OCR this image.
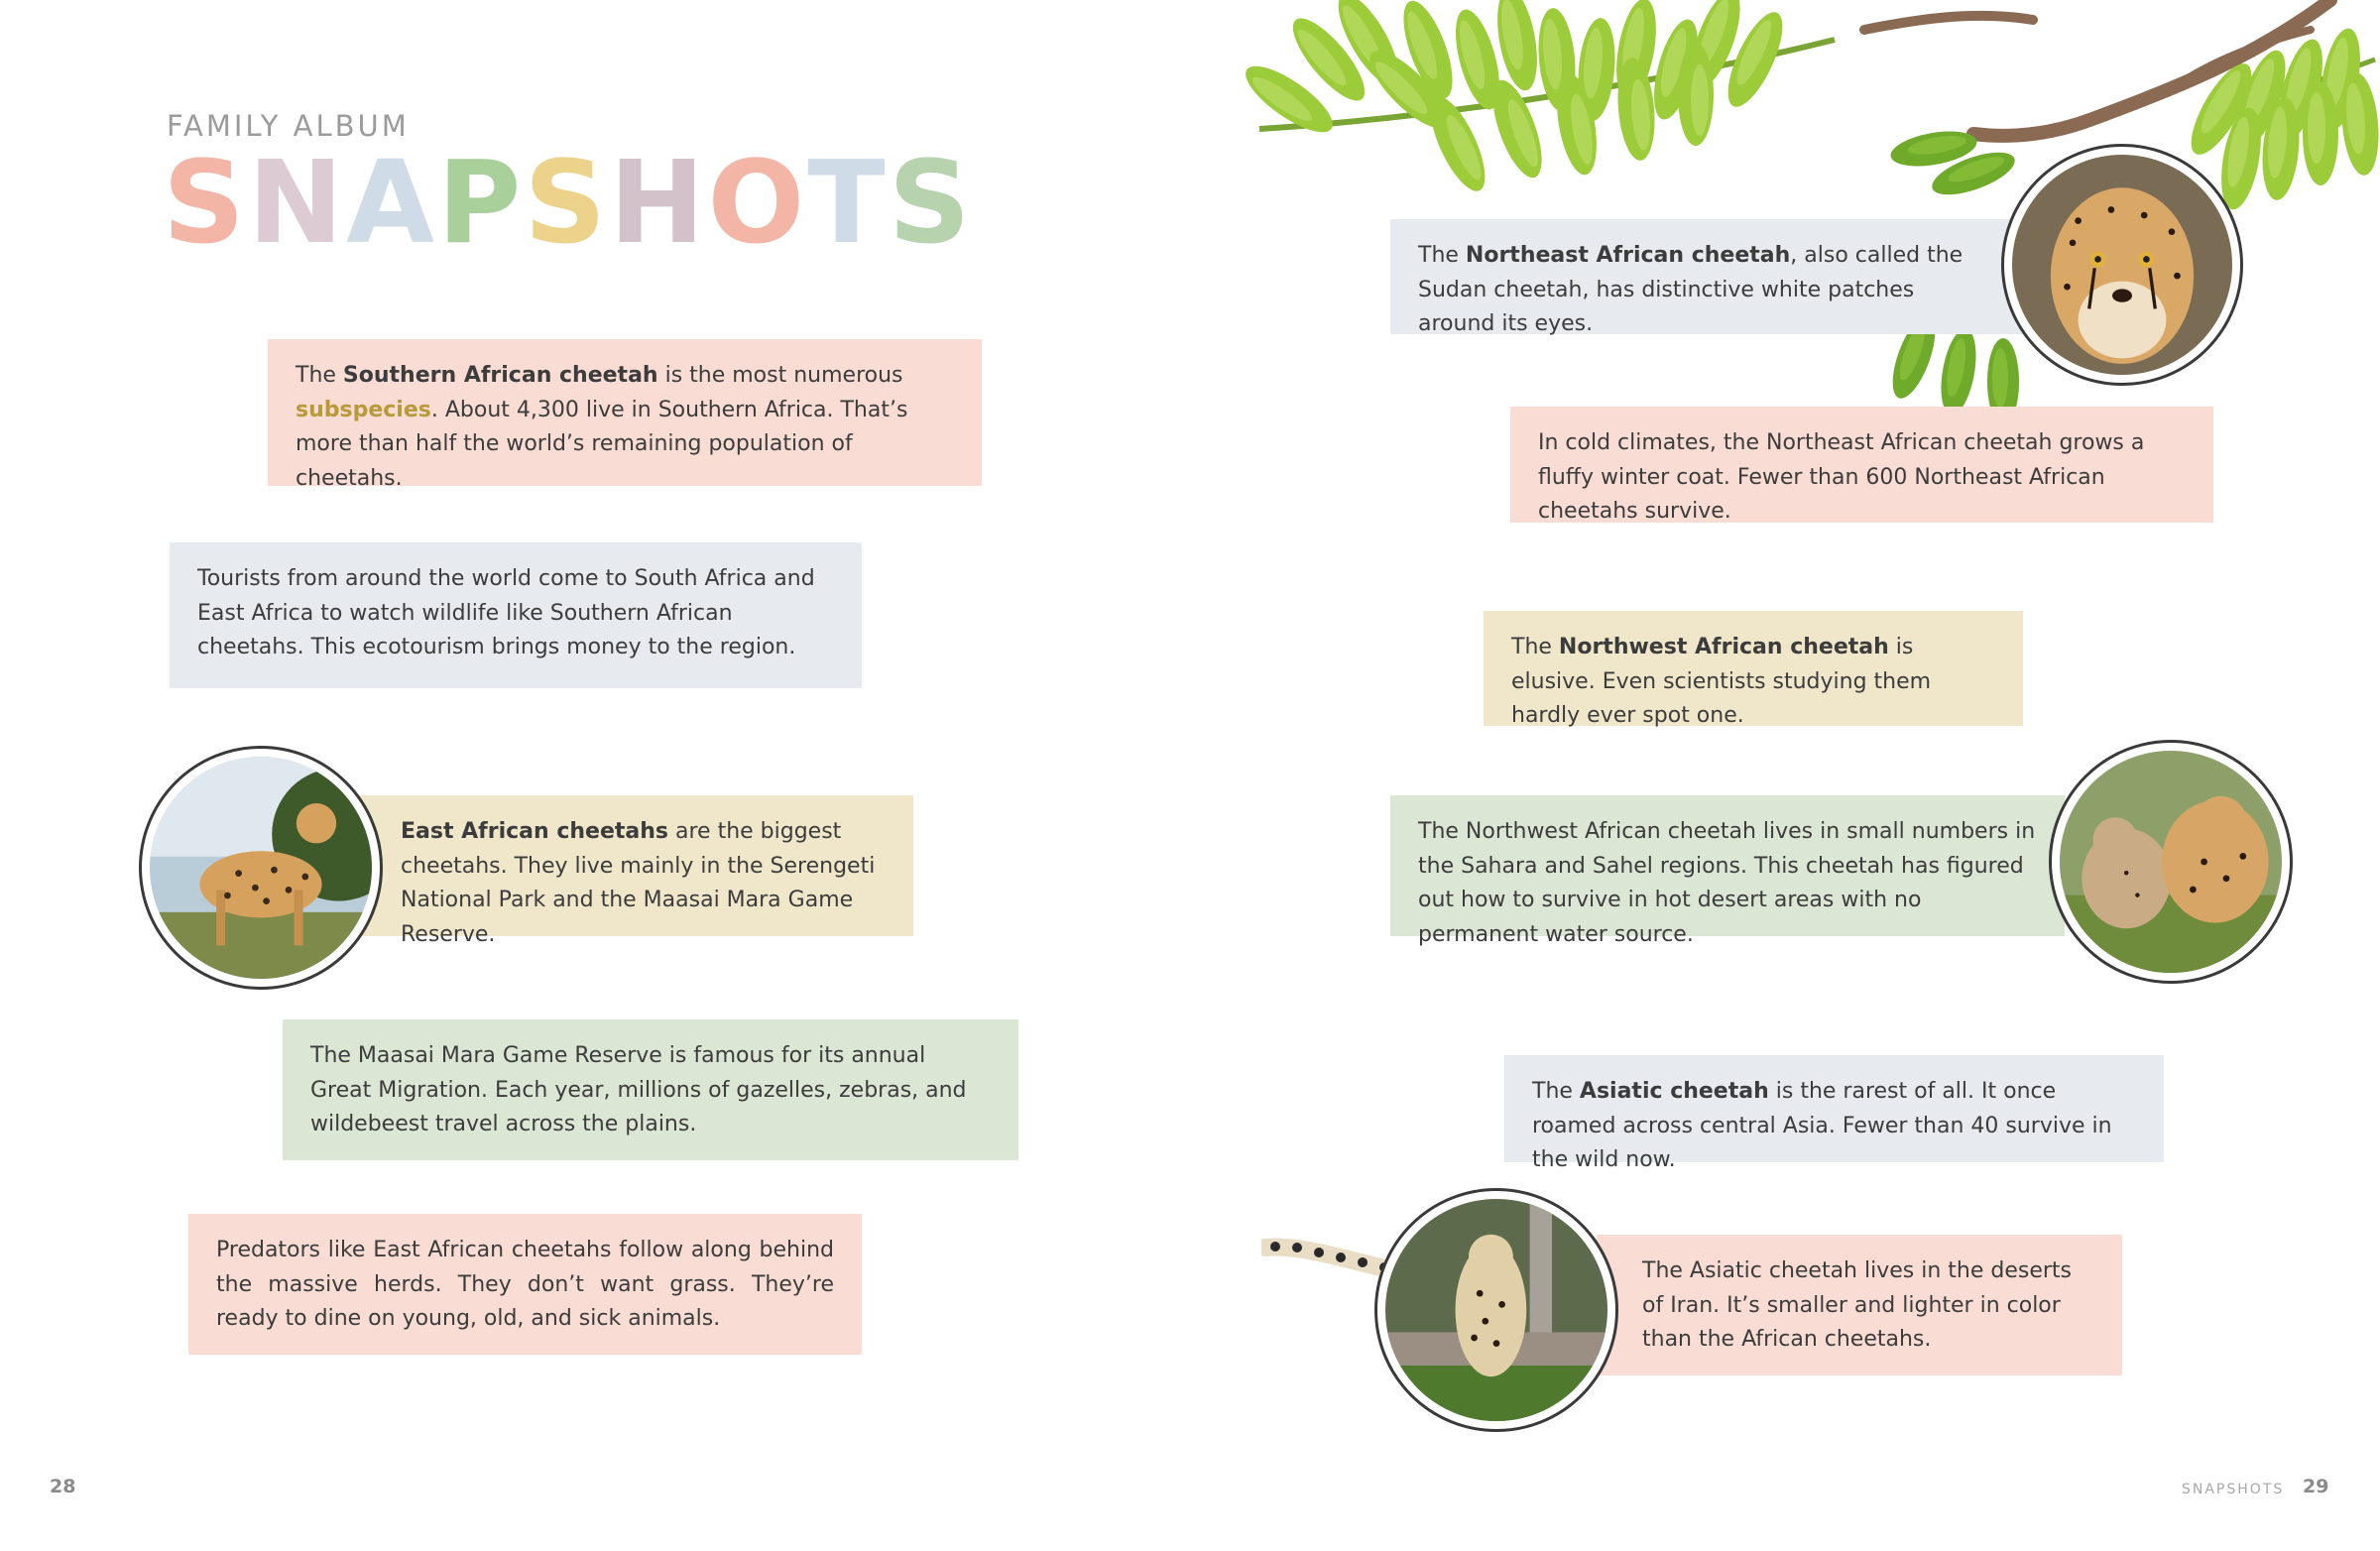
FAMILY ALBUM

SNAPSHOTS

The Southern African cheetah is the most numerous subspecies. About 4,300 live in Southern Africa. That’s more than half the world’s remaining population of cheetahs.

Tourists from around the world come to South Africa and East Africa to watch wildlife like Southern African cheetahs. This ecotourism brings money to the region.

East African cheetahs are the biggest cheetahs. They live mainly in the Serengeti National Park and the Maasai Mara Game Reserve.

The Maasai Mara Game Reserve is famous for its annual Great Migration. Each year, millions of gazelles, zebras, and wildebeest travel across the plains.

Predators like East African cheetahs follow along behind the massive herds. They don’t want grass. They’re ready to dine on young, old, and sick animals.

The Northeast African cheetah, also called the Sudan cheetah, has distinctive white patches around its eyes.

In cold climates, the Northeast African cheetah grows a fluffy winter coat. Fewer than 600 Northeast African cheetahs survive.

The Northwest African cheetah is elusive. Even scientists studying them hardly ever spot one.

The Northwest African cheetah lives in small numbers in the Sahara and Sahel regions. This cheetah has figured out how to survive in hot desert areas with no permanent water source.

The Asiatic cheetah is the rarest of all. It once roamed across central Asia. Fewer than 40 survive in the wild now.

The Asiatic cheetah lives in the deserts of Iran. It’s smaller and lighter in color than the African cheetahs.

28	SNAPSHOTS 29
